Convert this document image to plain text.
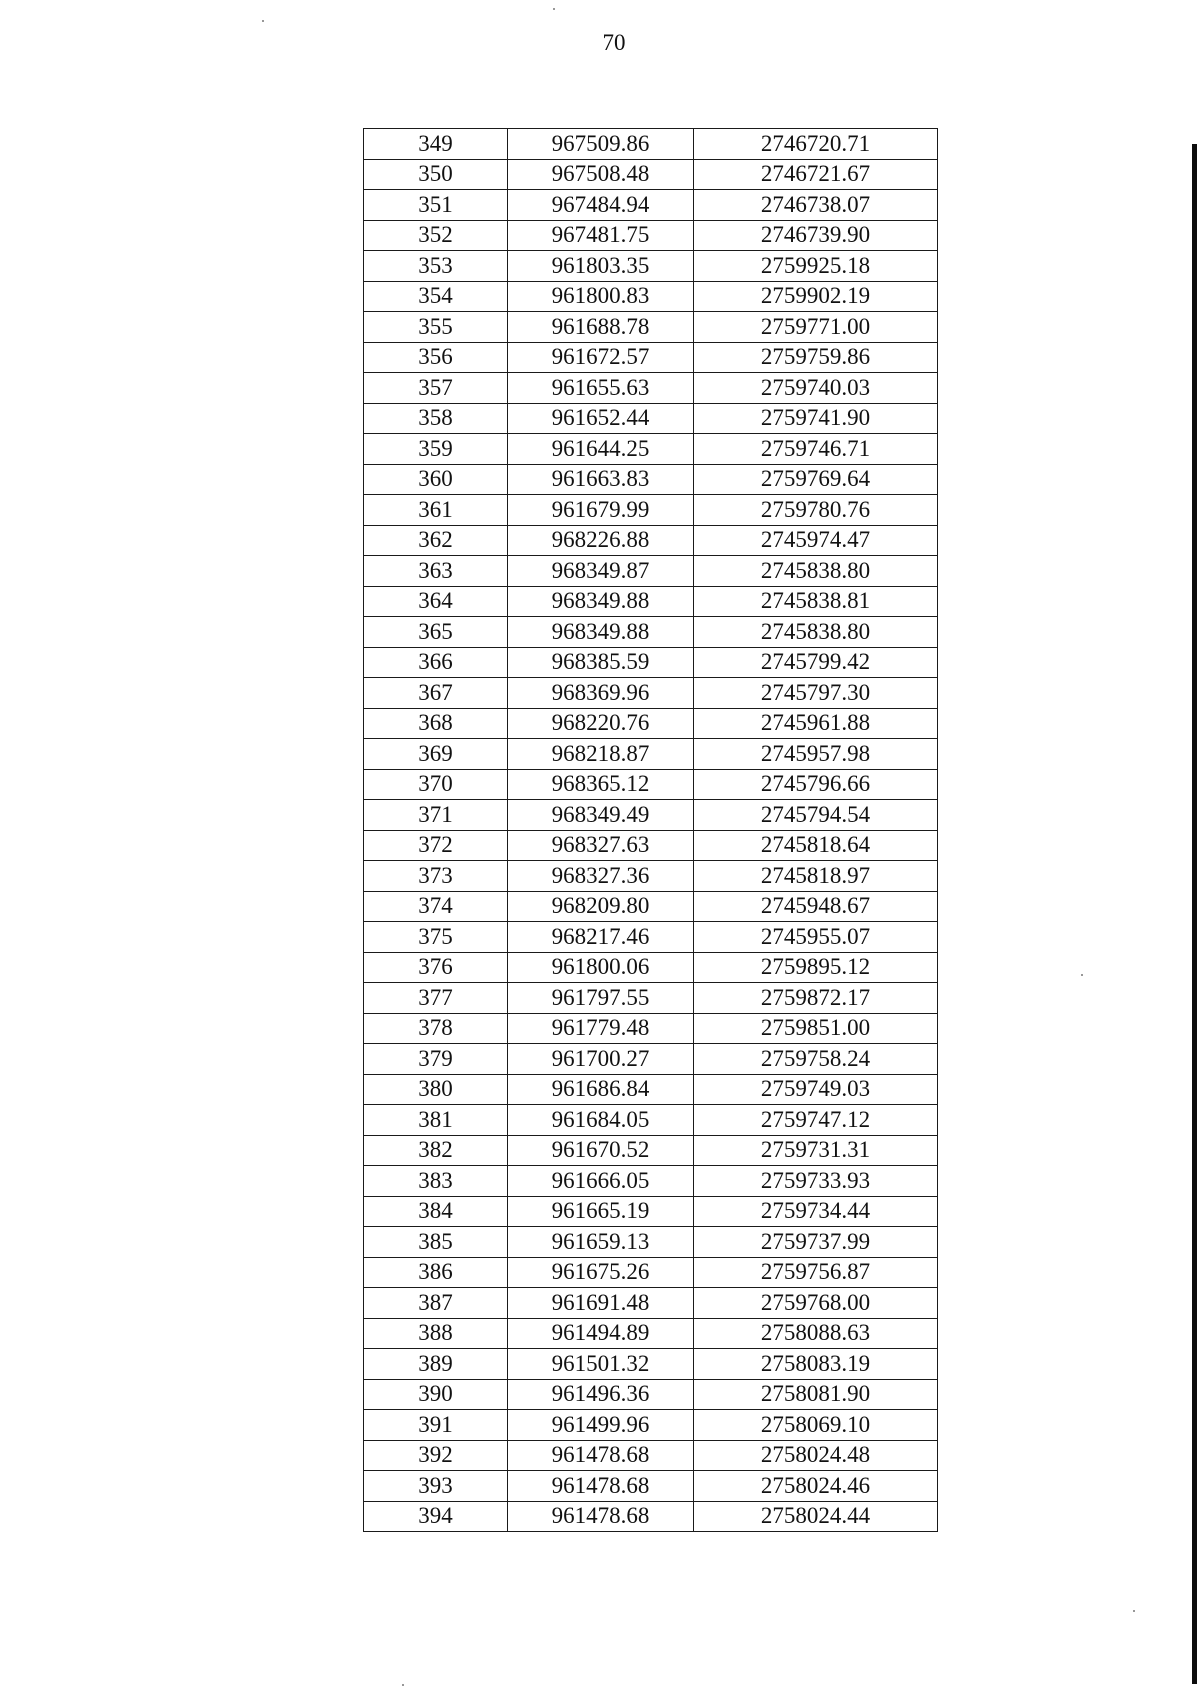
70
349	967509.86	2746720.71
350	967508.48	2746721.67
351	967484.94	2746738.07
352	967481.75	2746739.90
353	961803.35	2759925.18
354	961800.83	2759902.19
355	961688.78	2759771.00
356	961672.57	2759759.86
357	961655.63	2759740.03
358	961652.44	2759741.90
359	961644.25	2759746.71
360	961663.83	2759769.64
361	961679.99	2759780.76
362	968226.88	2745974.47
363	968349.87	2745838.80
364	968349.88	2745838.81
365	968349.88	2745838.80
366	968385.59	2745799.42
367	968369.96	2745797.30
368	968220.76	2745961.88
369	968218.87	2745957.98
370	968365.12	2745796.66
371	968349.49	2745794.54
372	968327.63	2745818.64
373	968327.36	2745818.97
374	968209.80	2745948.67
375	968217.46	2745955.07
376	961800.06	2759895.12
377	961797.55	2759872.17
378	961779.48	2759851.00
379	961700.27	2759758.24
380	961686.84	2759749.03
381	961684.05	2759747.12
382	961670.52	2759731.31
383	961666.05	2759733.93
384	961665.19	2759734.44
385	961659.13	2759737.99
386	961675.26	2759756.87
387	961691.48	2759768.00
388	961494.89	2758088.63
389	961501.32	2758083.19
390	961496.36	2758081.90
391	961499.96	2758069.10
392	961478.68	2758024.48
393	961478.68	2758024.46
394	961478.68	2758024.44
